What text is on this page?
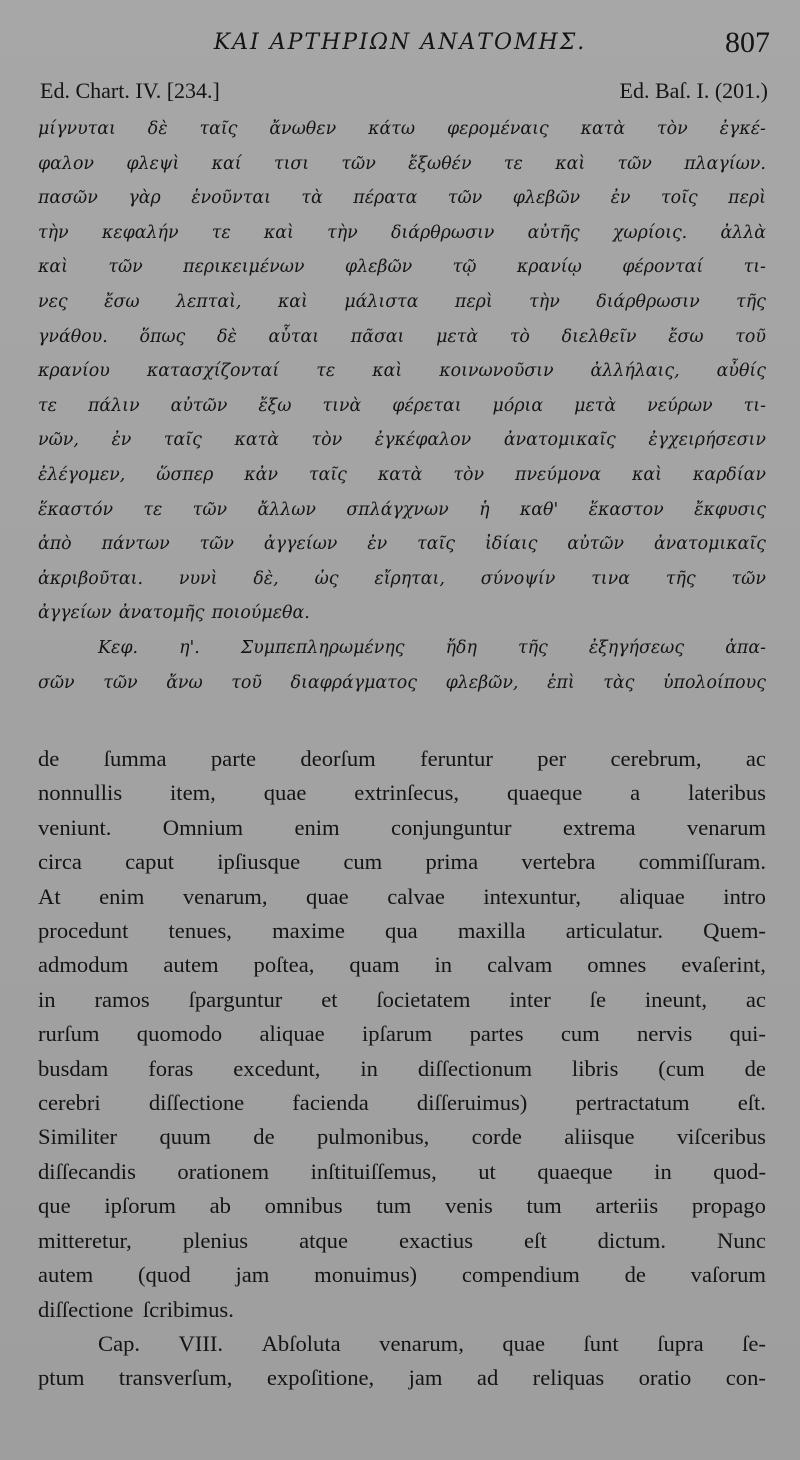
ΚΑΙ ΑΡΤΗΡΙΩΝ ΑΝΑΤΟΜΗΣ.	807
Ed. Chart. IV. [234.]	Ed. Baſ. I. (201.)
μίγνυται δὲ ταῖς ἄνωθεν κάτω φερομέναις κατὰ τὸν ἐγκέ-
φαλον φλεψὶ καί τισι τῶν ἔξωθέν τε καὶ τῶν πλαγίων.
πασῶν γὰρ ἑνοῦνται τὰ πέρατα τῶν φλεβῶν ἐν τοῖς περὶ
τὴν κεφαλήν τε καὶ τὴν διάρθρωσιν αὐτῆς χωρίοις. ἀλλὰ
καὶ τῶν περικειμένων φλεβῶν τῷ κρανίῳ φέρονταί τι-
νες ἔσω λεπταὶ, καὶ μάλιστα περὶ τὴν διάρθρωσιν τῆς
γνάθου. ὅπως δὲ αὗται πᾶσαι μετὰ τὸ διελθεῖν ἔσω τοῦ
κρανίου κατασχίζονταί τε καὶ κοινωνοῦσιν ἀλλήλαις, αὖθίς
τε πάλιν αὐτῶν ἔξω τινὰ φέρεται μόρια μετὰ νεύρων τι-
νῶν, ἐν ταῖς κατὰ τὸν ἐγκέφαλον ἀνατομικαῖς ἐγχειρήσεσιν
ἐλέγομεν, ὥσπερ κἀν ταῖς κατὰ τὸν πνεύμονα καὶ καρδίαν
ἕκαστόν τε τῶν ἄλλων σπλάγχνων ἡ καθ' ἕκαστον ἔκφυσις
ἀπὸ πάντων τῶν ἀγγείων ἐν ταῖς ἰδίαις αὐτῶν ἀνατομικαῖς
ἀκριβοῦται. νυνὶ δὲ, ὡς εἴρηται, σύνοψίν τινα τῆς τῶν
ἀγγείων ἀνατομῆς ποιούμεθα.
Κεφ. η'. Συμπεπληρωμένης ἤδη τῆς ἐξηγήσεως ἁπα-
σῶν τῶν ἄνω τοῦ διαφράγματος φλεβῶν, ἐπὶ τὰς ὑπολοίπους
de ſumma parte deorſum feruntur per cerebrum, ac
nonnullis item, quae extrinſecus, quaeque a lateribus
veniunt. Omnium enim conjunguntur extrema venarum
circa caput ipſiusque cum prima vertebra commiſſuram.
At enim venarum, quae calvae intexuntur, aliquae intro
procedunt tenues, maxime qua maxilla articulatur. Quem-
admodum autem poſtea, quam in calvam omnes evaſerint,
in ramos ſparguntur et ſocietatem inter ſe ineunt, ac
rurſum quomodo aliquae ipſarum partes cum nervis qui-
busdam foras excedunt, in diſſectionum libris (cum de
cerebri diſſectione facienda diſſeruimus) pertractatum eſt.
Similiter quum de pulmonibus, corde aliisque viſceribus
diſſecandis orationem inſtituiſſemus, ut quaeque in quod-
que ipſorum ab omnibus tum venis tum arteriis propago
mitteretur, plenius atque exactius eſt dictum. Nunc
autem (quod jam monuimus) compendium de vaſorum
diſſectione ſcribimus.
Cap. VIII. Abſoluta venarum, quae ſunt ſupra ſe-
ptum transverſum, expoſitione, jam ad reliquas oratio con-
